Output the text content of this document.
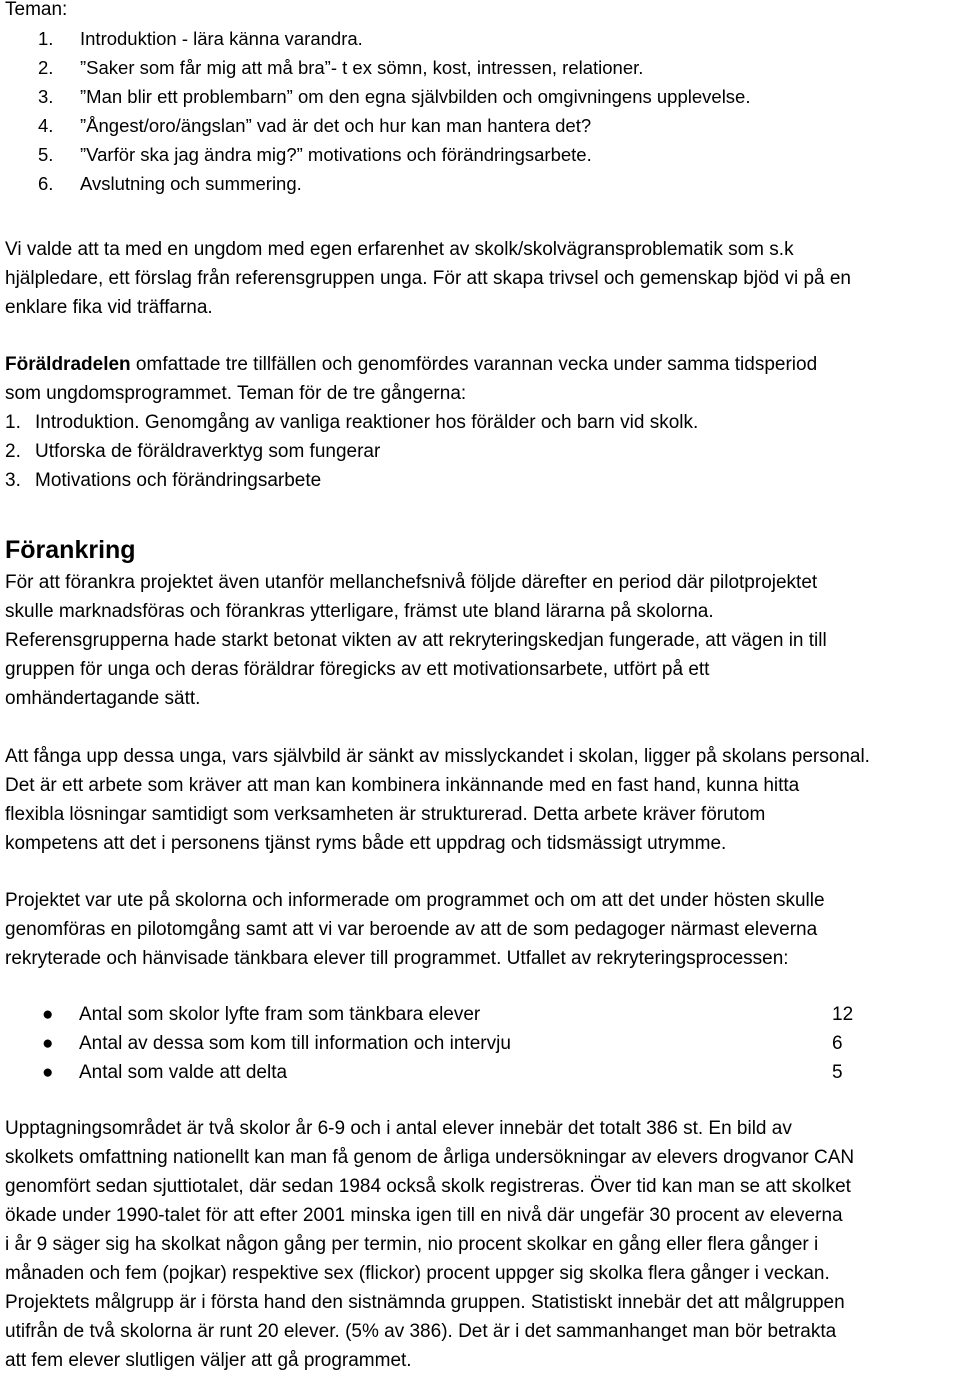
Teman:

1.	Introduktion - lära känna varandra.
2.	”Saker som får mig att må bra”- t ex sömn, kost, intressen, relationer.
3.	”Man blir ett problembarn” om den egna självbilden och omgivningens upplevelse.
4.	”Ångest/oro/ängslan” vad är det och hur kan man hantera det?
5.	”Varför ska jag ändra mig?” motivations och förändringsarbete.
6.	Avslutning och summering.

Vi valde att ta med en ungdom med egen erfarenhet av skolk/skolvägransproblematik som s.k
hjälpledare, ett förslag från referensgruppen unga. För att skapa trivsel och gemenskap bjöd vi på en
enklare fika vid träffarna.

Föräldradelen omfattade tre tillfällen och genomfördes varannan vecka under samma tidsperiod
som ungdomsprogrammet. Teman för de tre gångerna:

1. Introduktion. Genomgång av vanliga reaktioner hos förälder och barn vid skolk.
2. Utforska de föräldraverktyg som fungerar
3. Motivations och förändringsarbete
Förankring

För att förankra projektet även utanför mellanchefsnivå följde därefter en period där pilotprojektet
skulle marknadsföras och förankras ytterligare, främst ute bland lärarna på skolorna.
Referensgrupperna hade starkt betonat vikten av att rekryteringskedjan fungerade, att vägen in till
gruppen för unga och deras föräldrar föregicks av ett motivationsarbete, utfört på ett
omhändertagande sätt.

Att fånga upp dessa unga, vars självbild är sänkt av misslyckandet i skolan, ligger på skolans personal.
Det är ett arbete som kräver att man kan kombinera inkännande med en fast hand, kunna hitta
flexibla lösningar samtidigt som verksamheten är strukturerad. Detta arbete kräver förutom
kompetens att det i personens tjänst ryms både ett uppdrag och tidsmässigt utrymme.

Projektet var ute på skolorna och informerade om programmet och om att det under hösten skulle
genomföras en pilotomgång samt att vi var beroende av att de som pedagoger närmast eleverna
rekryterade och hänvisade tänkbara elever till programmet. Utfallet av rekryteringsprocessen:

● Antal som skolor lyfte fram som tänkbara elever	12
● Antal av dessa som kom till information och intervju	6
● Antal som valde att delta	5

Upptagningsområdet är två skolor år 6-9 och i antal elever innebär det totalt 386 st. En bild av
skolkets omfattning nationellt kan man få genom de årliga undersökningar av elevers drogvanor CAN
genomfört sedan sjuttiotalet, där sedan 1984 också skolk registreras. Över tid kan man se att skolket
ökade under 1990-talet för att efter 2001 minska igen till en nivå där ungefär 30 procent av eleverna
i år 9 säger sig ha skolkat någon gång per termin, nio procent skolkar en gång eller flera gånger i
månaden och fem (pojkar) respektive sex (flickor) procent uppger sig skolka flera gånger i veckan.
Projektets målgrupp är i första hand den sistnämnda gruppen. Statistiskt innebär det att målgruppen
utifrån de två skolorna är runt 20 elever. (5% av 386). Det är i det sammanhanget man bör betrakta
att fem elever slutligen väljer att gå programmet.
